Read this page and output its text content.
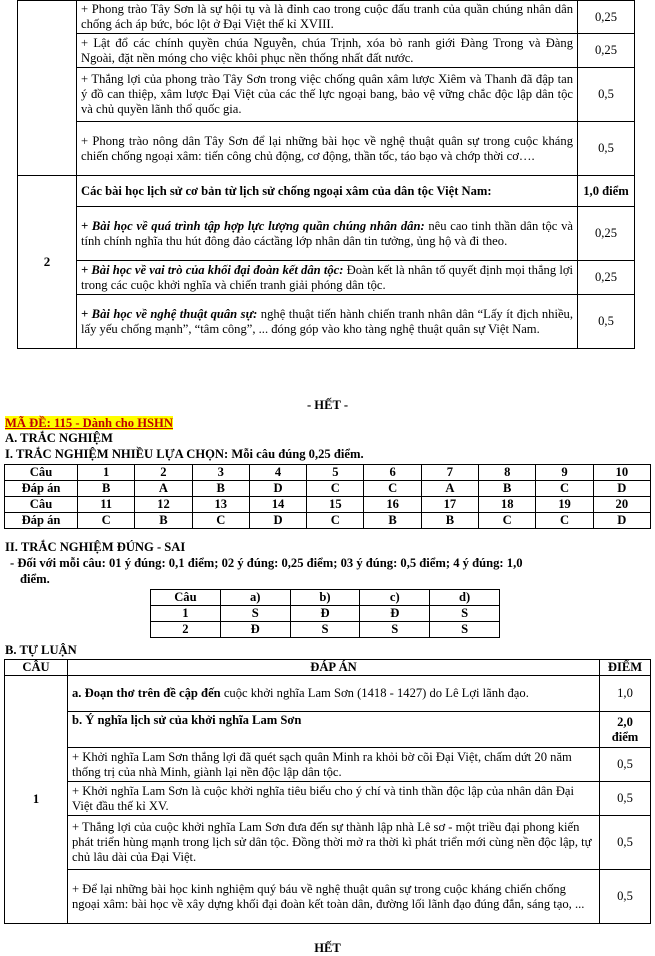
	+ Phong trào Tây Sơn là sự hội tụ và là đỉnh cao trong cuộc đấu tranh của quần chúng nhân dân chống ách áp bức, bóc lột ở Đại Việt thế kỉ XVIII.	0,25
	+ Lật đổ các chính quyền chúa Nguyễn, chúa Trịnh, xóa bỏ ranh giới Đàng Trong và Đàng Ngoài, đặt nền móng cho việc khôi phục nền thống nhất đất nước.	0,25
	+ Thắng lợi của phong trào Tây Sơn trong việc chống quân xâm lược Xiêm và Thanh đã đập tan ý đồ can thiệp, xâm lược Đại Việt của các thế lực ngoại bang, bảo vệ vững chắc độc lập dân tộc và chủ quyền lãnh thổ quốc gia.	0,5
	+ Phong trào nông dân Tây Sơn để lại những bài học về nghệ thuật quân sự trong cuộc kháng chiến chống ngoại xâm: tiến công chủ động, cơ động, thần tốc, táo bạo và chớp thời cơ….	0,5
2	Các bài học lịch sử cơ bản từ lịch sử chống ngoại xâm của dân tộc Việt Nam:	1,0 điểm
	+ Bài học về quá trình tập hợp lực lượng quần chúng nhân dân: nêu cao tinh thần dân tộc và tính chính nghĩa thu hút đông đảo cáctầng lớp nhân dân tin tưởng, ủng hộ và đi theo.	0,25
	+ Bài học về vai trò của khối đại đoàn kết dân tộc: Đoàn kết là nhân tố quyết định mọi thắng lợi trong các cuộc khởi nghĩa và chiến tranh giải phóng dân tộc.	0,25
	+ Bài học về nghệ thuật quân sự: nghệ thuật tiến hành chiến tranh nhân dân “Lấy ít địch nhiều, lấy yếu chống mạnh”, “tâm công”, ... đóng góp vào kho tàng nghệ thuật quân sự Việt Nam.	0,5
- HẾT -
MÃ ĐỀ: 115 - Dành cho HSHN
A. TRẮC NGHIỆM
I. TRẮC NGHIỆM NHIỀU LỰA CHỌN: Mỗi câu đúng 0,25 điểm.
Câu	1	2	3	4	5	6	7	8	9	10
Đáp án	B	A	B	D	C	C	A	B	C	D
Câu	11	12	13	14	15	16	17	18	19	20
Đáp án	C	B	C	D	C	B	B	C	C	D
II. TRẮC NGHIỆM ĐÚNG - SAI
- Đối với mỗi câu: 01 ý đúng: 0,1 điểm; 02 ý đúng: 0,25 điểm; 03 ý đúng: 0,5 điểm; 4 ý đúng: 1,0
điểm.
Câu	a)	b)	c)	d)
1	S	Đ	Đ	S
2	Đ	S	S	S
B. TỰ LUẬN
CÂU	ĐÁP ÁN	ĐIỂM
1	a. Đoạn thơ trên đề cập đến cuộc khởi nghĩa Lam Sơn (1418 - 1427) do Lê Lợi lãnh đạo.	1,0
	b. Ý nghĩa lịch sử của khởi nghĩa Lam Sơn	2,0 điểm
	+ Khởi nghĩa Lam Sơn thắng lợi đã quét sạch quân Minh ra khỏi bờ cõi Đại Việt, chấm dứt 20 năm thống trị của nhà Minh, giành lại nền độc lập dân tộc.	0,5
	+ Khởi nghĩa Lam Sơn là cuộc khởi nghĩa tiêu biểu cho ý chí và tinh thần độc lập của nhân dân Đại Việt đầu thế kỉ XV.	0,5
	+ Thắng lợi của cuộc khởi nghĩa Lam Sơn đưa đến sự thành lập nhà Lê sơ - một triều đại phong kiến phát triển hùng mạnh trong lịch sử dân tộc. Đồng thời mở ra thời kì phát triển mới cùng nền độc lập, tự chủ lâu dài của Đại Việt.	0,5
	+ Để lại những bài học kinh nghiệm quý báu về nghệ thuật quân sự trong cuộc kháng chiến chống ngoại xâm: bài học về xây dựng khối đại đoàn kết toàn dân, đường lối lãnh đạo đúng đắn, sáng tạo, ...	0,5
HẾT
